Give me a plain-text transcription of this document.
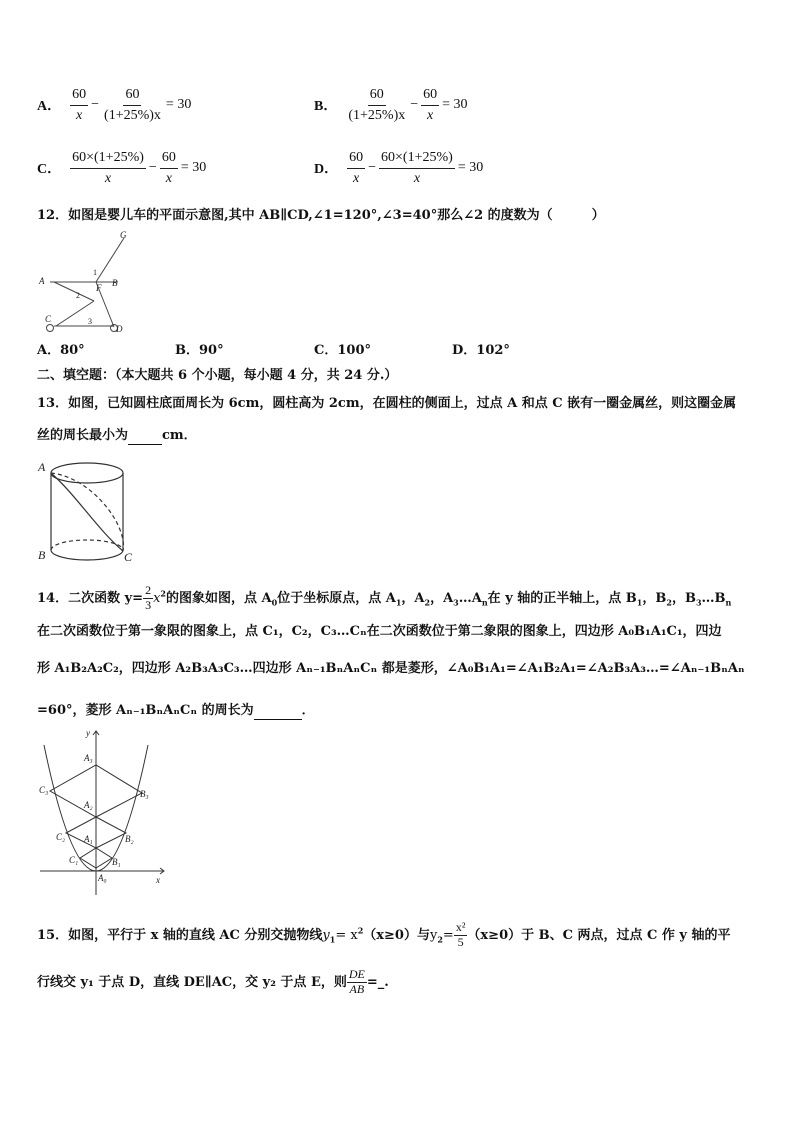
A． $\frac{60}{x} - \frac{60}{(1+25\%)x} = 30$	B． $\frac{60}{(1+25\%)x} - \frac{60}{x} = 30$
C． $\frac{60\times(1+25\%)}{x} - \frac{60}{x} = 30$	D． $\frac{60}{x} - \frac{60\times(1+25\%)}{x} = 30$
12．如图是婴儿车的平面示意图,其中 AB∥CD,∠1=120°,∠3=40°那么∠2 的度数为（　　　）
G
A	B
F
C
D
1
2
3
A．80°	B．90°	C．100°	D．102°
二、填空题：（本大题共 6 个小题，每小题 4 分，共 24 分.）
13．如图，已知圆柱底面周长为 6cm，圆柱高为 2cm，在圆柱的侧面上，过点 A 和点 C 嵌有一圈金属丝，则这圈金属
丝的周长最小为	cm．
A
B	C
14．二次函数 $y= \frac{2}{3} x^2$的图象如图，点 $A_0$位于坐标原点，点 $A_1$，$A_2$，$A_3\dots A_n$在 y 轴的正半轴上，点 $B_1$，$B_2$，$B_3\dots B_n$
在二次函数位于第一象限的图象上，点 C₁，C₂，C₃…Cₙ在二次函数位于第二象限的图象上，四边形 A₀B₁A₁C₁，四边
形 A₁B₂A₂C₂，四边形 A₂B₃A₃C₃…四边形 Aₙ₋₁BₙAₙCₙ 都是菱形，∠A₀B₁A₁=∠A₁B₂A₁=∠A₂B₃A₃…=∠Aₙ₋₁BₙAₙ
=60°，菱形 Aₙ₋₁BₙAₙCₙ 的周长为	．
y
x
A₃
A₂
A₁
A₀
B₃
B₂
B₁
C₃
C₂
C₁
15．如图，平行于 x 轴的直线 AC 分别交抛物线$y_1= x^2(x\ge 0)$与$y_2= \frac{\text{x²}}{5} (x\ge 0)$于 B、C 两点，过点 C 作 y 轴的平
行线交 y₁ 于点 D，直线 DE∥AC，交 y₂ 于点 E，则 $\frac{DE}{AB}$ =_.
